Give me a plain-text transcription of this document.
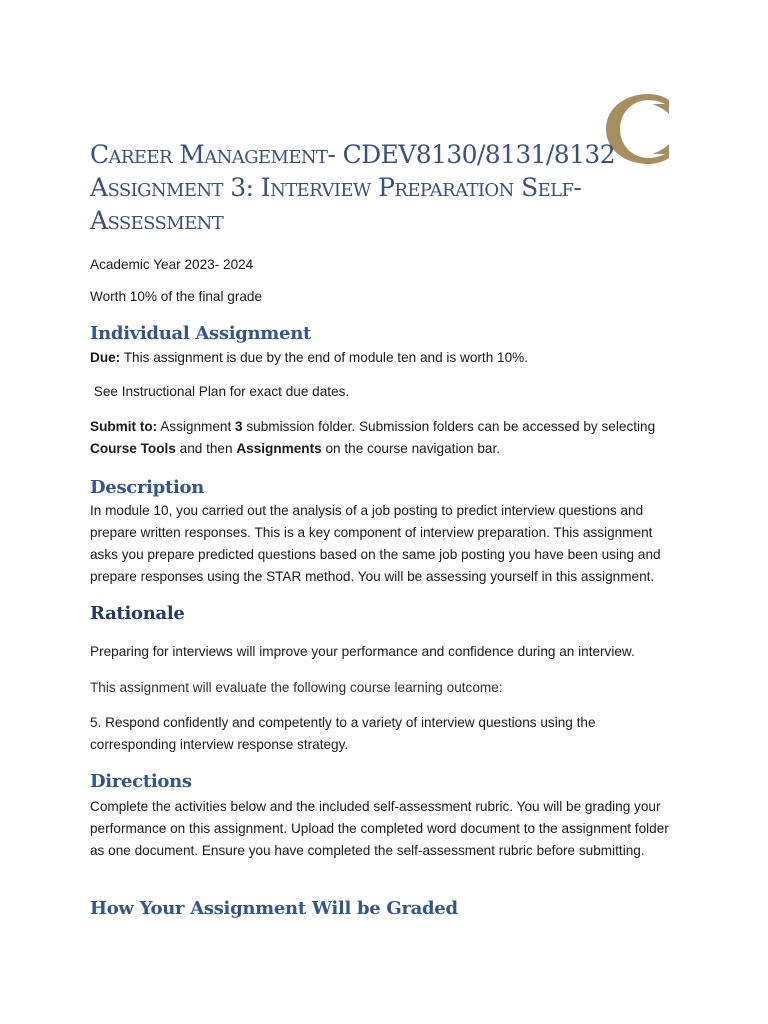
Career Management- CDEV8130/8131/8132
Assignment 3: Interview Preparation Self-
Assessment
Academic Year 2023- 2024
Worth 10% of the final grade
Individual Assignment
Due: This assignment is due by the end of module ten and is worth 10%.
See Instructional Plan for exact due dates.
Submit to: Assignment 3 submission folder. Submission folders can be accessed by selecting Course Tools and then Assignments on the course navigation bar.
Description
In module 10, you carried out the analysis of a job posting to predict interview questions and prepare written responses. This is a key component of interview preparation. This assignment asks you prepare predicted questions based on the same job posting you have been using and prepare responses using the STAR method. You will be assessing yourself in this assignment.
Rationale
Preparing for interviews will improve your performance and confidence during an interview.
This assignment will evaluate the following course learning outcome:
5. Respond confidently and competently to a variety of interview questions using the corresponding interview response strategy.
Directions
Complete the activities below and the included self-assessment rubric. You will be grading your performance on this assignment. Upload the completed word document to the assignment folder as one document. Ensure you have completed the self-assessment rubric before submitting.
How Your Assignment Will be Graded
